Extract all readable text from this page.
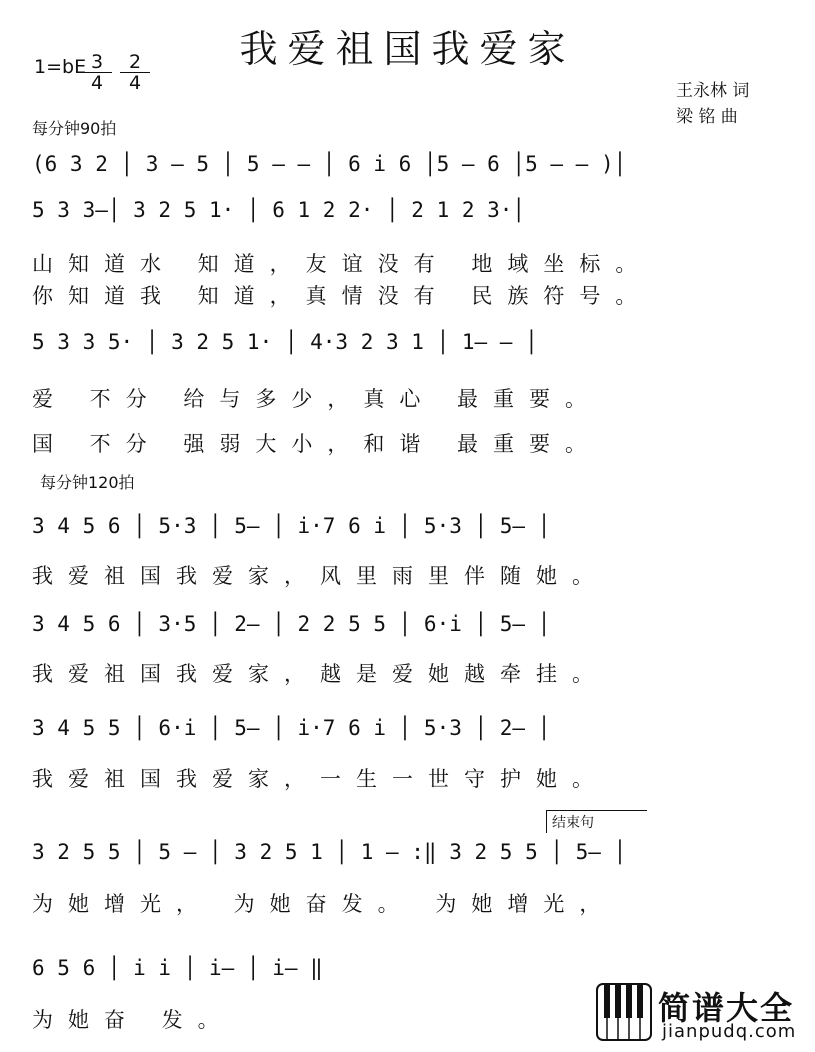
我爱祖国我爱家
1=bE 3
4
2
4	王永林 词
梁 铭 曲
每分钟90拍
(6 3 2 │ 3 — 5 │ 5 — — │ 6 i 6 │5 — 6 │5 — — )│
5 3 3—│ 3 2 5 1· │ 6 1 2 2· │ 2 1 2 3·│
山知道水 知道，友谊没有 地域坐标。
你知道我 知道，真情没有 民族符号。
5 3 3 5· │ 3 2 5 1· │ 4·3 2 3 1 │ 1— — │
爱 不分 给与多少，真心 最重要。
国 不分 强弱大小，和谐 最重要。
每分钟120拍
3 4 5 6 │ 5·3 │ 5— │ i·7 6 i │ 5·3 │ 5— │
我爱祖国我爱家，风里雨里伴随她。
3 4 5 6 │ 3·5 │ 2— │ 2 2 5 5 │ 6·i │ 5— │
我爱祖国我爱家，越是爱她越牵挂。
3 4 5 5 │ 6·i │ 5— │ i·7 6 i │ 5·3 │ 2— │
我爱祖国我爱家，一生一世守护她。
结束句
3 2 5 5 │ 5 — │ 3 2 5 1 │ 1 — :‖ 3 2 5 5 │ 5— │
为她增光， 为她奋发。 为她增光，
6 5 6 │ i i │ i— │ i— ‖
为她奋 发。	简谱大全
jianpudq.com
